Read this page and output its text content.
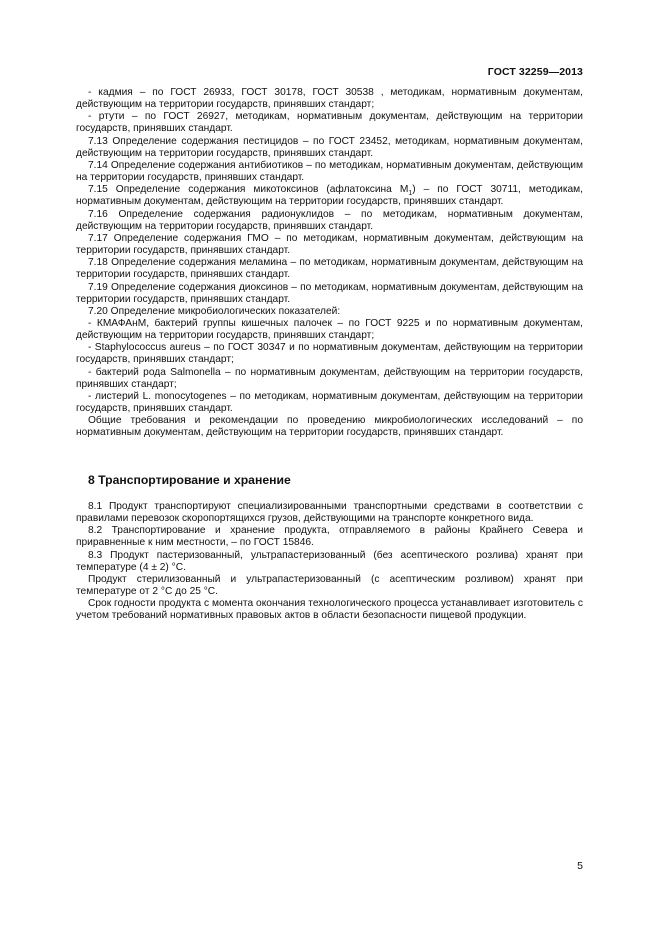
ГОСТ 32259—2013

- кадмия – по ГОСТ 26933, ГОСТ 30178, ГОСТ 30538 , методикам, нормативным документам, действующим на территории государств, принявших стандарт;

- ртути – по ГОСТ 26927, методикам, нормативным документам, действующим на территории государств, принявших стандарт.

7.13 Определение содержания пестицидов – по ГОСТ 23452, методикам, нормативным документам, действующим на территории государств, принявших стандарт.

7.14 Определение содержания антибиотиков – по методикам, нормативным документам, действующим на территории государств, принявших стандарт.

7.15 Определение содержания микотоксинов (афлатоксина $M_1$) – по ГОСТ 30711, методикам, нормативным документам, действующим на территории государств, принявших стандарт.

7.16 Определение содержания радионуклидов – по методикам, нормативным документам, действующим на территории государств, принявших стандарт.

7.17 Определение содержания ГМО – по методикам, нормативным документам, действующим на территории государств, принявших стандарт.

7.18 Определение содержания меламина – по методикам, нормативным документам, действующим на территории государств, принявших стандарт.

7.19 Определение содержания диоксинов – по методикам, нормативным документам, действующим на территории государств, принявших стандарт.

7.20 Определение микробиологических показателей:

- КМАФАнМ, бактерий группы кишечных палочек – по ГОСТ 9225 и по нормативным документам, действующим на территории государств, принявших стандарт;

- Staphylococcus aureus – по ГОСТ 30347 и по нормативным документам, действующим на территории государств, принявших стандарт;

- бактерий рода Salmonella – по нормативным документам, действующим на территории государств, принявших стандарт;

- листерий L. monocytogenes – по методикам, нормативным документам, действующим на территории государств, принявших стандарт.

Общие требования и рекомендации по проведению микробиологических исследований – по нормативным документам, действующим на территории государств, принявших стандарт.

8 Транспортирование и хранение

8.1 Продукт транспортируют специализированными транспортными средствами в соответствии с правилами перевозок скоропортящихся грузов, действующими на транспорте конкретного вида.

8.2 Транспортирование и хранение продукта, отправляемого в районы Крайнего Севера и приравненные к ним местности, – по ГОСТ 15846.

8.3 Продукт пастеризованный, ультрапастеризованный (без асептического розлива) хранят при температуре (4 ± 2) °C.

Продукт стерилизованный и ультрапастеризованный (с асептическим розливом) хранят при температуре от 2 °C до 25 °C.

Срок годности продукта с момента окончания технологического процесса устанавливает изготовитель с учетом требований нормативных правовых актов в области безопасности пищевой продукции.

5
